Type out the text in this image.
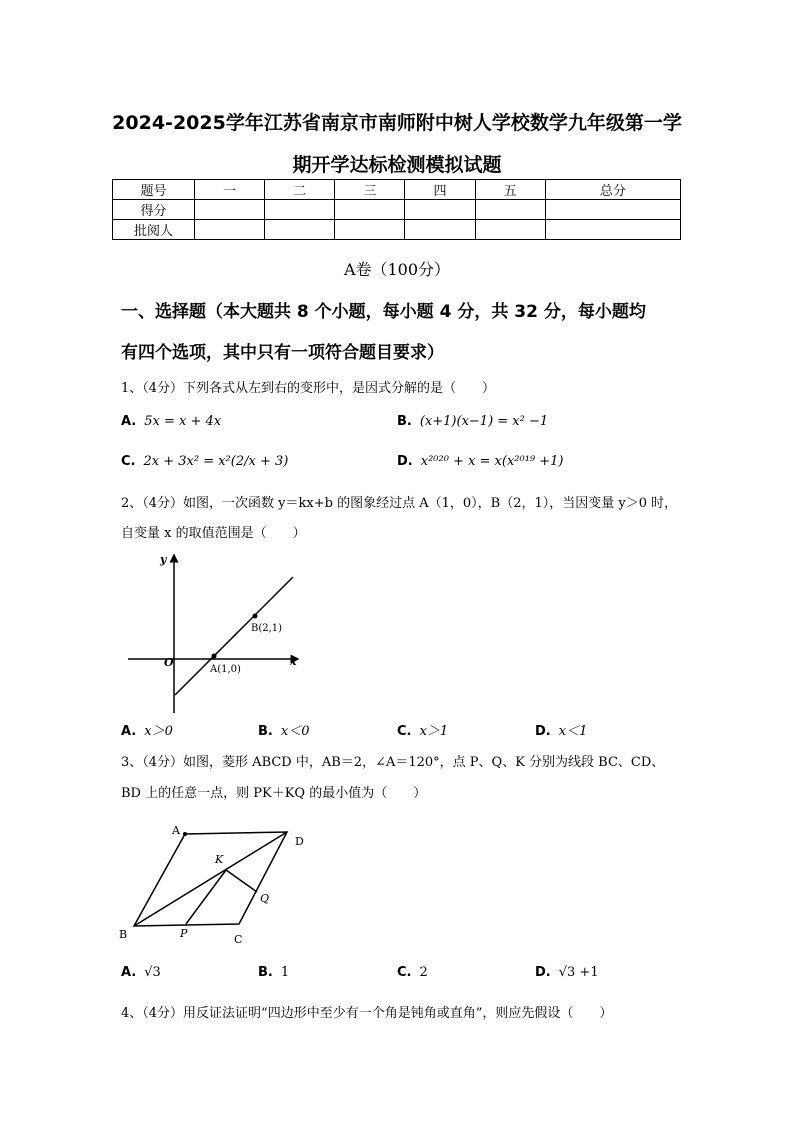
2024-2025学年江苏省南京市南师附中树人学校数学九年级第一学
期开学达标检测模拟试题
题号	一	二	三	四	五	总分
得分						
批阅人						
A卷（100分）
一、选择题（本大题共 8 个小题，每小题 4 分，共 32 分，每小题均
有四个选项，其中只有一项符合题目要求）
1、（4分）下列各式从左到右的变形中，是因式分解的是（　　）
A. 5x = x + 4x	B. (x+1)(x−1) = x² −1
C. 2x + 3x² = x²(2/x + 3)	D. x²⁰²⁰ + x = x(x²⁰¹⁹ +1)
2、（4分）如图，一次函数 y＝kx+b 的图象经过点 A（1，0），B（2，1），当因变量 y＞0 时，
自变量 x 的取值范围是（　　）
y
x
O
A(1,0)
B(2,1)
A. x＞0	B. x＜0	C. x＞1	D. x＜1
3、（4分）如图，菱形 ABCD 中，AB＝2，∠A＝120°，点 P、Q、K 分别为线段 BC、CD、
BD 上的任意一点，则 PK＋KQ 的最小值为（　　）
A
D
B	C
K
P
Q
A. √3	B. 1	C. 2	D. √3 +1
4、（4分）用反证法证明“四边形中至少有一个角是钝角或直角”，则应先假设（　　）
